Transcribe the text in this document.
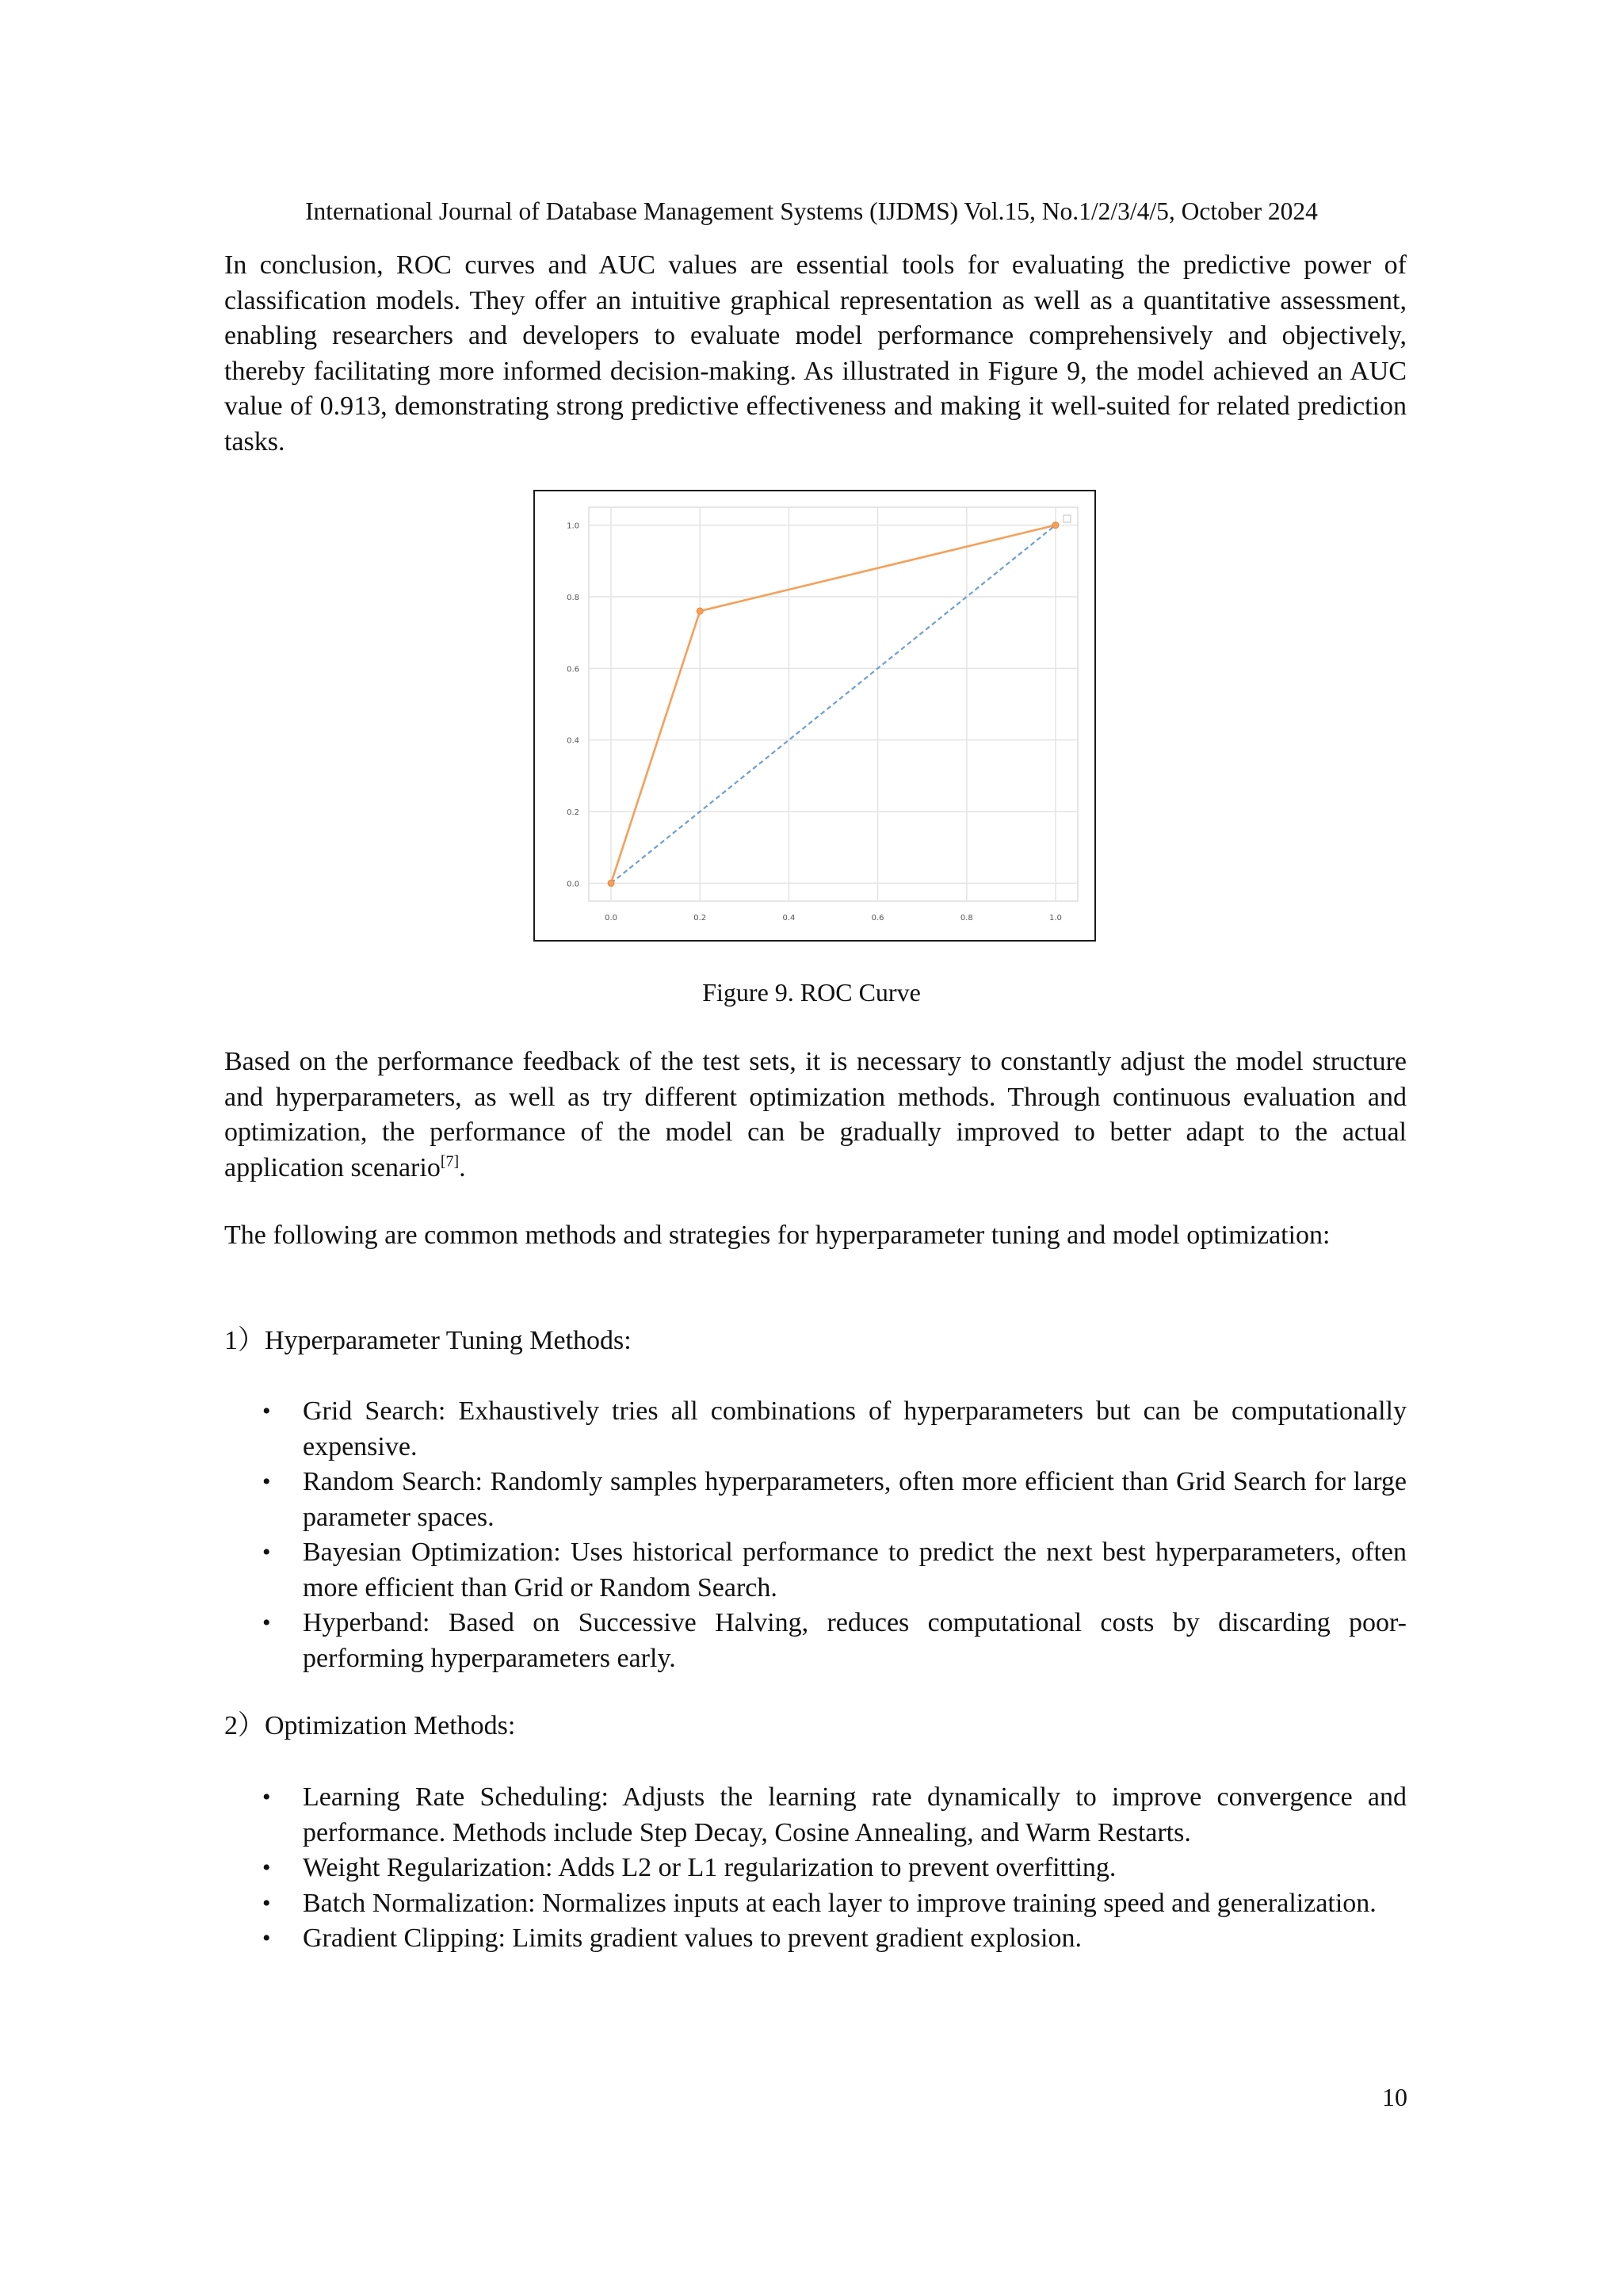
International Journal of Database Management Systems (IJDMS) Vol.15, No.1/2/3/4/5, October 2024

In conclusion, ROC curves and AUC values are essential tools for evaluating the predictive power of classification models. They offer an intuitive graphical representation as well as a quantitative assessment, enabling researchers and developers to evaluate model performance comprehensively and objectively, thereby facilitating more informed decision-making. As illustrated in Figure 9, the model achieved an AUC value of 0.913, demonstrating strong predictive effectiveness and making it well-suited for related prediction tasks.

0.0	0.2	0.4	0.6	0.8	1.0
0.0
0.2
0.4
0.6
0.8
1.0
Figure 9. ROC Curve

Based on the performance feedback of the test sets, it is necessary to constantly adjust the model structure and hyperparameters, as well as try different optimization methods. Through continuous evaluation and optimization, the performance of the model can be gradually improved to better adapt to the actual application scenario[7].

The following are common methods and strategies for hyperparameter tuning and model optimization:

1）Hyperparameter Tuning Methods:
• Grid Search: Exhaustively tries all combinations of hyperparameters but can be computationally expensive.
• Random Search: Randomly samples hyperparameters, often more efficient than Grid Search for large parameter spaces.
• Bayesian Optimization: Uses historical performance to predict the next best hyperparameters, often more efficient than Grid or Random Search.
• Hyperband: Based on Successive Halving, reduces computational costs by discarding poor-performing hyperparameters early.
2）Optimization Methods:
• Learning Rate Scheduling: Adjusts the learning rate dynamically to improve convergence and performance. Methods include Step Decay, Cosine Annealing, and Warm Restarts.
• Weight Regularization: Adds L2 or L1 regularization to prevent overfitting.
• Batch Normalization: Normalizes inputs at each layer to improve training speed and generalization.
• Gradient Clipping: Limits gradient values to prevent gradient explosion.
10
